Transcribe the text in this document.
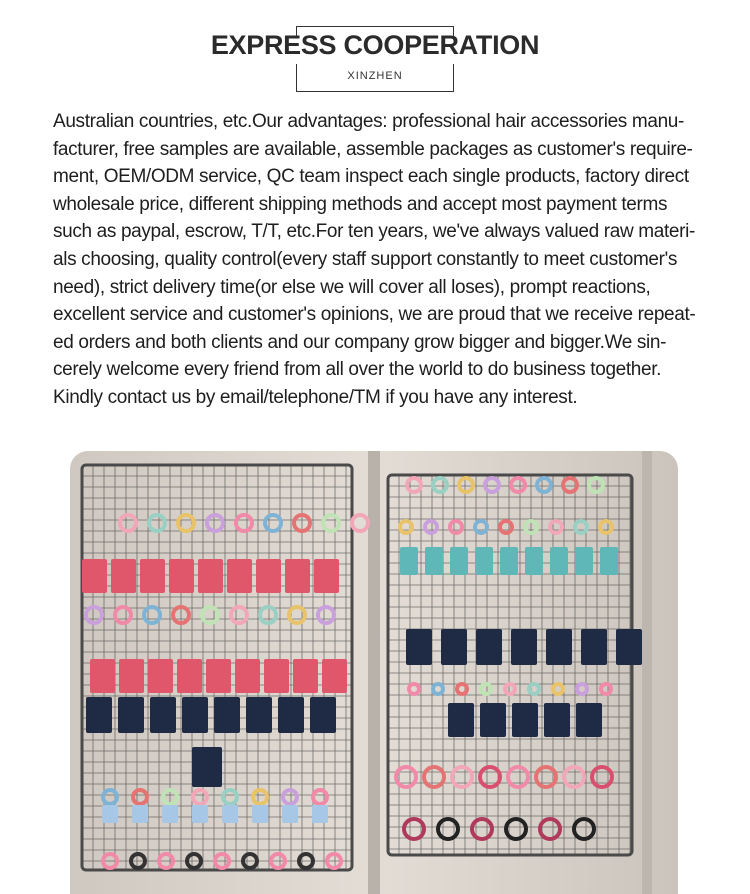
EXPRESS COOPERATION
XINZHEN
Australian countries, etc.Our advantages: professional hair accessories manu-
facturer, free samples are available, assemble packages as customer's require-
ment, OEM/ODM service, QC team inspect each single products, factory direct
wholesale price, different shipping methods and accept most payment terms
such as paypal, escrow, T/T, etc.For ten years, we've always valued raw materi-
als choosing, quality control(every staff support constantly to meet customer's
need), strict delivery time(or else we will cover all loses), prompt reactions,
excellent service and customer's opinions, we are proud that we receive repeat-
ed orders and both clients and our company grow bigger and bigger.We sin-
cerely welcome every friend from all over the world to do business together.
Kindly contact us by email/telephone/TM if you have any interest.
